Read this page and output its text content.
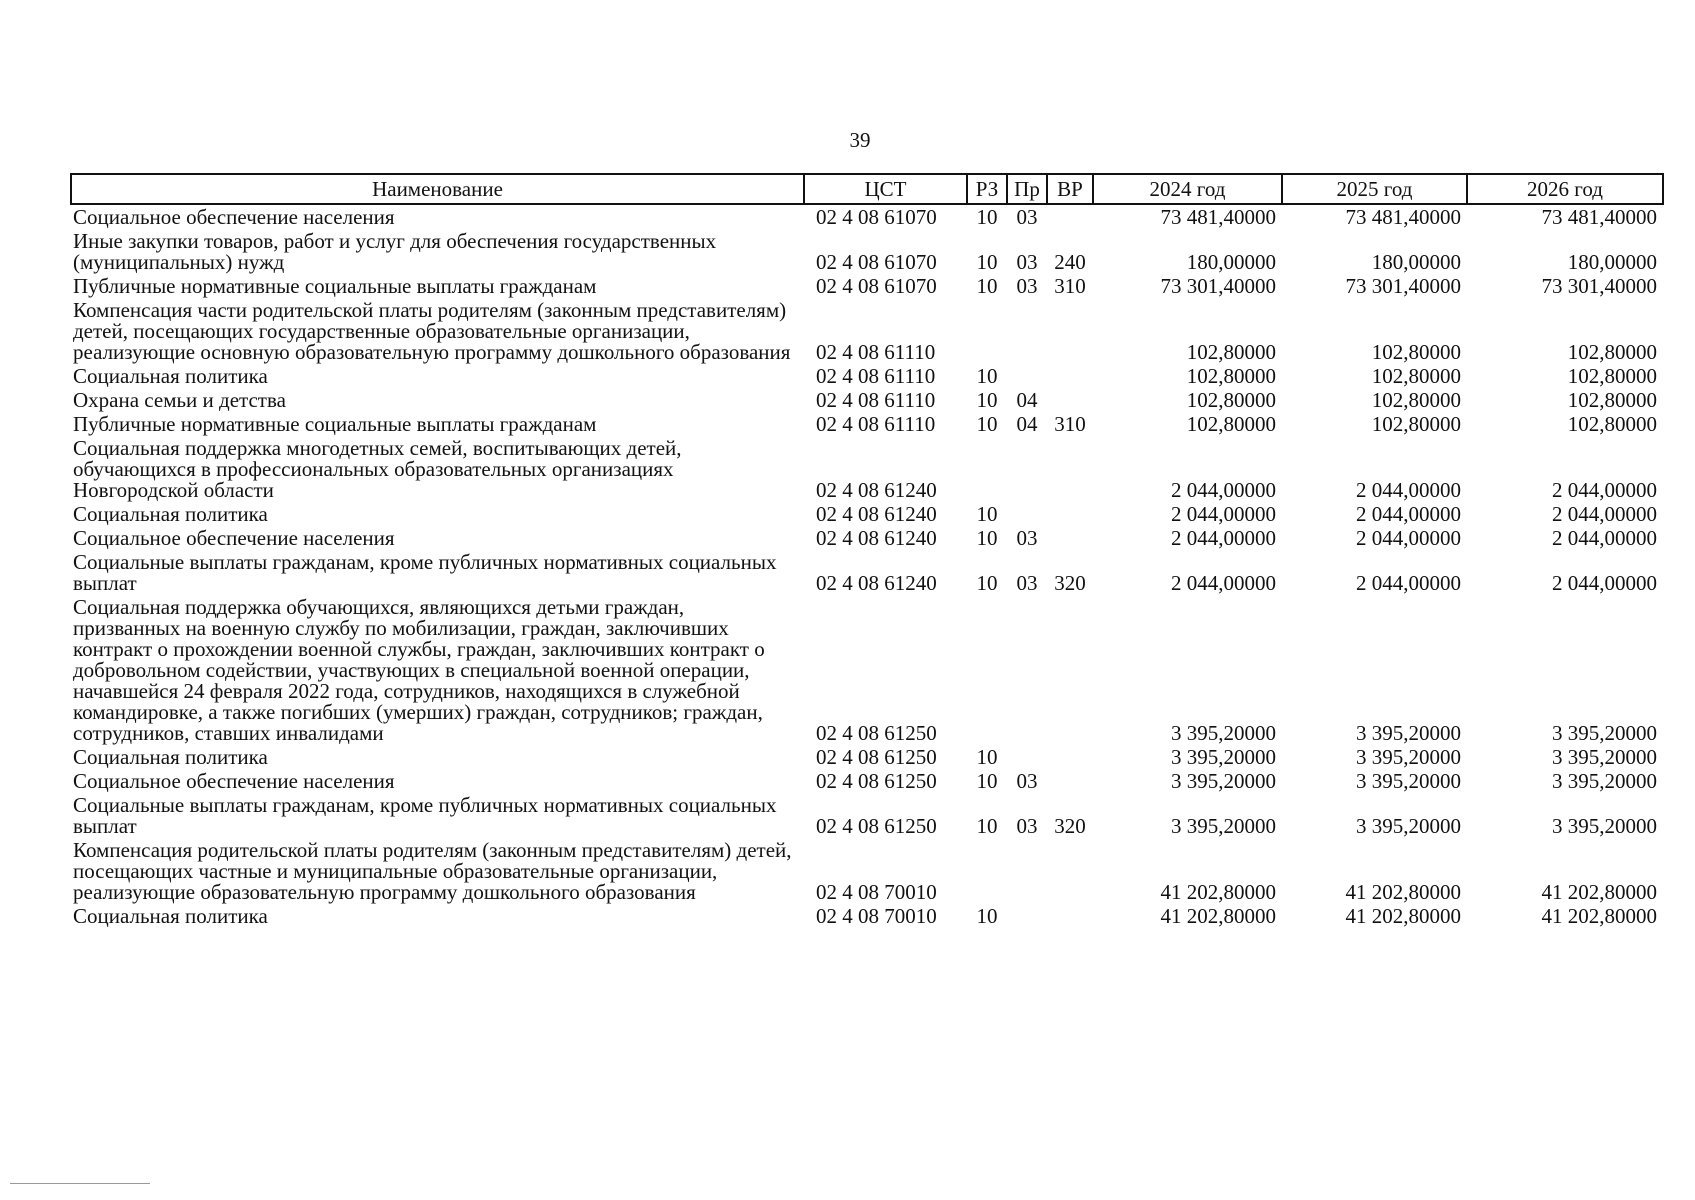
39
Наименование	ЦСТ	РЗ	Пр	ВР	2024 год	2025 год	2026 год
Социальное обеспечение населения	02 4 08 61070	10	03		73 481,40000	73 481,40000	73 481,40000
Иные закупки товаров, работ и услуг для обеспечения государственных (муниципальных) нужд	02 4 08 61070	10	03	240	180,00000	180,00000	180,00000
Публичные нормативные социальные выплаты гражданам	02 4 08 61070	10	03	310	73 301,40000	73 301,40000	73 301,40000
Компенсация части родительской платы родителям (законным представителям) детей, посещающих государственные образовательные организации, реализующие основную образовательную программу дошкольного образования	02 4 08 61110				102,80000	102,80000	102,80000
Социальная политика	02 4 08 61110	10			102,80000	102,80000	102,80000
Охрана семьи и детства	02 4 08 61110	10	04		102,80000	102,80000	102,80000
Публичные нормативные социальные выплаты гражданам	02 4 08 61110	10	04	310	102,80000	102,80000	102,80000
Социальная поддержка многодетных семей, воспитывающих детей, обучающихся в профессиональных образовательных организациях Новгородской области	02 4 08 61240				2 044,00000	2 044,00000	2 044,00000
Социальная политика	02 4 08 61240	10			2 044,00000	2 044,00000	2 044,00000
Социальное обеспечение населения	02 4 08 61240	10	03		2 044,00000	2 044,00000	2 044,00000
Социальные выплаты гражданам, кроме публичных нормативных социальных выплат	02 4 08 61240	10	03	320	2 044,00000	2 044,00000	2 044,00000
Социальная поддержка обучающихся, являющихся детьми граждан, призванных на военную службу по мобилизации, граждан, заключивших контракт о прохождении военной службы, граждан, заключивших контракт о добровольном содействии, участвующих в специальной военной операции, начавшейся 24 февраля 2022 года, сотрудников, находящихся в служебной командировке, а также погибших (умерших) граждан, сотрудников; граждан, сотрудников, ставших инвалидами	02 4 08 61250				3 395,20000	3 395,20000	3 395,20000
Социальная политика	02 4 08 61250	10			3 395,20000	3 395,20000	3 395,20000
Социальное обеспечение населения	02 4 08 61250	10	03		3 395,20000	3 395,20000	3 395,20000
Социальные выплаты гражданам, кроме публичных нормативных социальных выплат	02 4 08 61250	10	03	320	3 395,20000	3 395,20000	3 395,20000
Компенсация родительской платы родителям (законным представителям) детей, посещающих частные и муниципальные образовательные организации, реализующие образовательную программу дошкольного образования	02 4 08 70010				41 202,80000	41 202,80000	41 202,80000
Социальная политика	02 4 08 70010	10			41 202,80000	41 202,80000	41 202,80000
